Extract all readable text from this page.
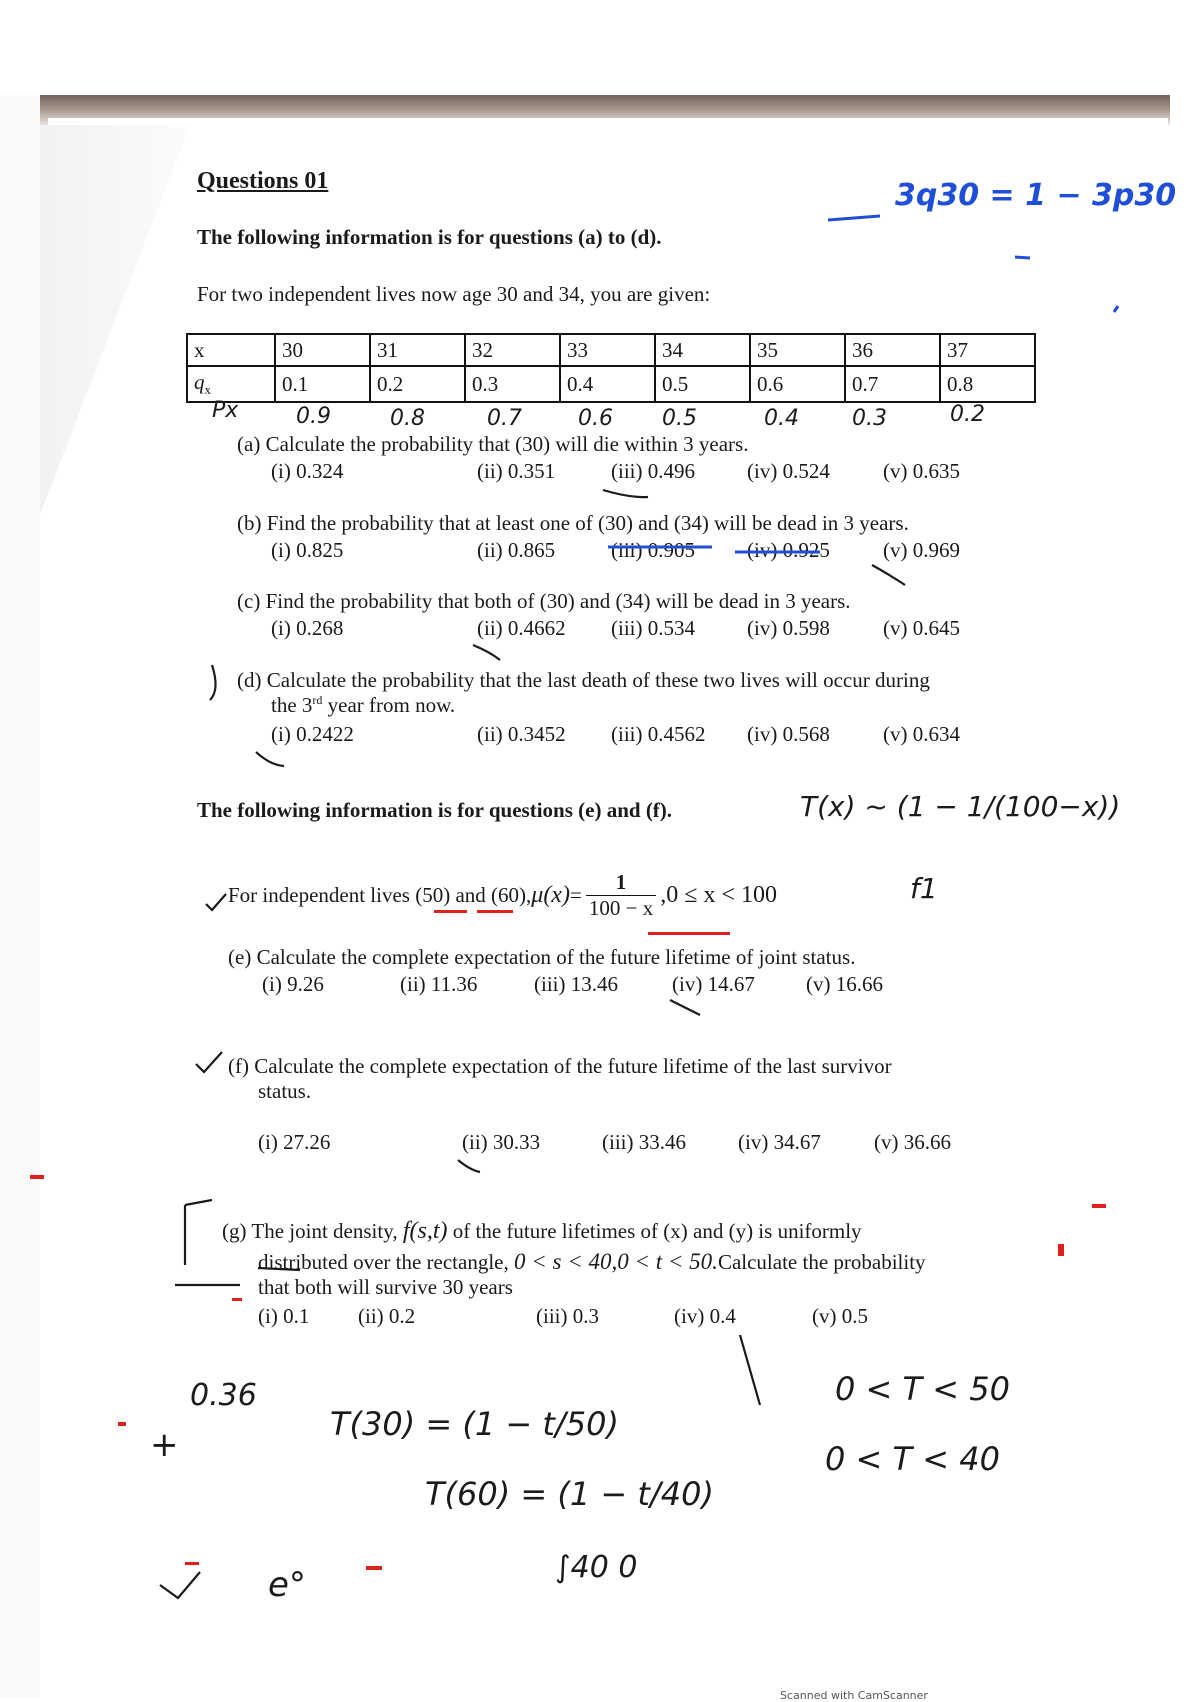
Questions 01

The following information is for questions (a) to (d).

For two independent lives now age 30 and 34, you are given:

x	30	31	32	33	34	35	36	37
$q_x$	0.1	0.2	0.3	0.4	0.5	0.6	0.7	0.8
Px	0.9	0.8	0.7	0.6 0.5	0.4 0.3	0.2
(a) Calculate the probability that (30) will die within 3 years.
(i) 0.324	(ii) 0.351	(iii) 0.496	(iv) 0.524	(v) 0.635
(b) Find the probability that at least one of (30) and (34) will be dead in 3 years.
(i) 0.825	(ii) 0.865	(iii) 0.905	(iv) 0.925	(v) 0.969
(c) Find the probability that both of (30) and (34) will be dead in 3 years.
(i) 0.268	(ii) 0.4662	(iii) 0.534	(iv) 0.598	(v) 0.645
(d) Calculate the probability that the last death of these two lives will occur during
the 3rd year from now.
(i) 0.2422	(ii) 0.3452	(iii) 0.4562	(iv) 0.568	(v) 0.634

The following information is for questions (e) and (f).

For independent lives (50) and (60), $\mu(x) = \frac{1}{100 - x} ,0 \le x < 100$
(e) Calculate the complete expectation of the future lifetime of joint status.
(i) 9.26	(ii) 11.36	(iii) 13.46	(iv) 14.67	(v) 16.66
(f) Calculate the complete expectation of the future lifetime of the last survivor
status.
(i) 27.26	(ii) 30.33	(iii) 33.46	(iv) 34.67	(v) 36.66
(g) The joint density, f(s,t) of the future lifetimes of (x) and (y) is uniformly
distributed over the rectangle, 0 < s < 40,0 < t < 50.Calculate the probability
that both will survive 30 years
(i) 0.1	(ii) 0.2	(iii) 0.3	(iv) 0.4	(v) 0.5
3q30 = 1 − 3p30
T(x) ~ (1 − 1/(100−x))
f1
T(30) = (1 − t/50)
T(60) = (1 − t/40)
0 < T < 50
0 < T < 40
0.36
+
e°	∫40 0

Scanned with CamScanner
